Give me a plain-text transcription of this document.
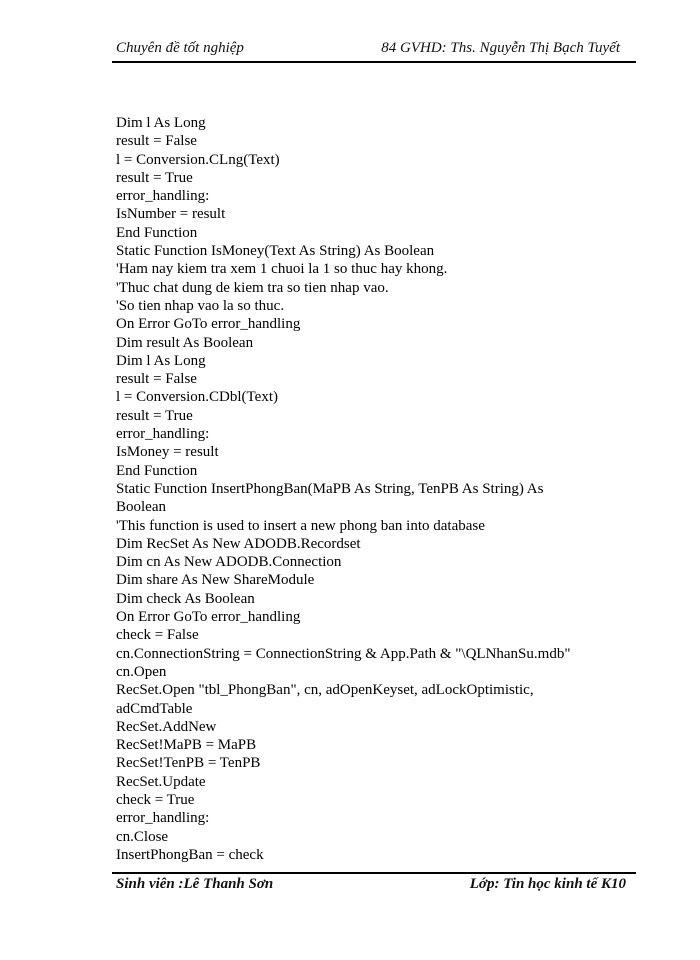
Chuyên đề tốt nghiệp	84 GVHD: Ths. Nguyễn Thị Bạch Tuyết
Dim l As Long
result = False
l = Conversion.CLng(Text)
result = True
error_handling:
IsNumber = result
End Function
Static Function IsMoney(Text As String) As Boolean
'Ham nay kiem tra xem 1 chuoi la 1 so thuc hay khong.
'Thuc chat dung de kiem tra so tien nhap vao.
'So tien nhap vao la so thuc.
On Error GoTo error_handling
Dim result As Boolean
Dim l As Long
result = False
l = Conversion.CDbl(Text)
result = True
error_handling:
IsMoney = result
End Function
Static Function InsertPhongBan(MaPB As String, TenPB As String) As
Boolean
'This function is used to insert a new phong ban into database
Dim RecSet As New ADODB.Recordset
Dim cn As New ADODB.Connection
Dim share As New ShareModule
Dim check As Boolean
On Error GoTo error_handling
check = False
cn.ConnectionString = ConnectionString & App.Path & "\QLNhanSu.mdb"
cn.Open
RecSet.Open "tbl_PhongBan", cn, adOpenKeyset, adLockOptimistic,
adCmdTable
RecSet.AddNew
RecSet!MaPB = MaPB
RecSet!TenPB = TenPB
RecSet.Update
check = True
error_handling:
cn.Close
InsertPhongBan = check
Sinh viên :Lê Thanh Sơn	Lớp: Tin học kinh tế K10
